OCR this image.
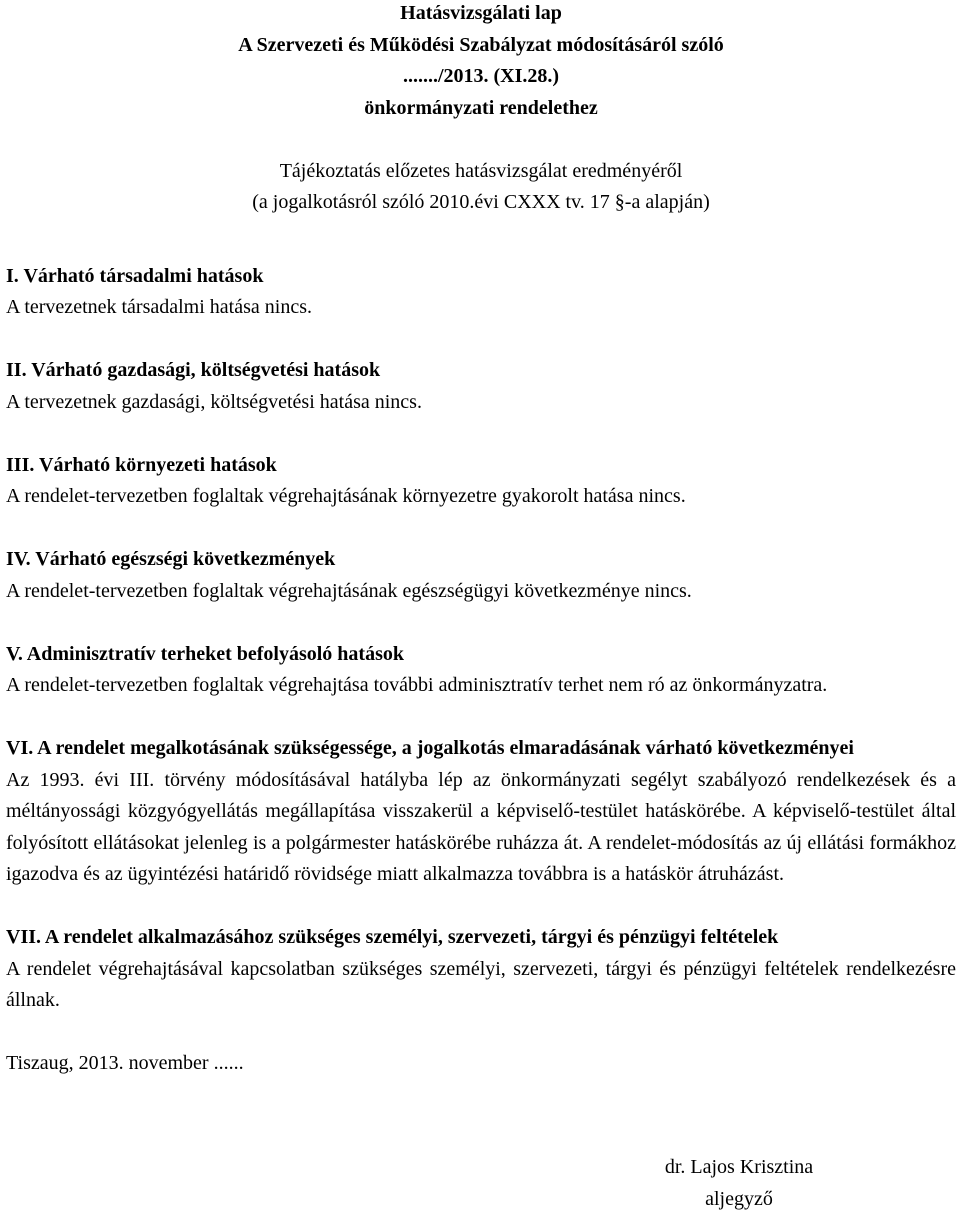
Hatásvizsgálati lap
A Szervezeti és Működési Szabályzat módosításáról szóló
......./2013. (XI.28.)
önkormányzati rendelethez
Tájékoztatás előzetes hatásvizsgálat eredményéről
(a jogalkotásról szóló 2010.évi CXXX tv. 17 §-a alapján)
I. Várható társadalmi hatások
A tervezetnek társadalmi hatása nincs.
II. Várható gazdasági, költségvetési hatások
A tervezetnek gazdasági, költségvetési hatása nincs.
III. Várható környezeti hatások
A rendelet-tervezetben foglaltak végrehajtásának környezetre gyakorolt hatása nincs.
IV. Várható egészségi következmények
A rendelet-tervezetben foglaltak végrehajtásának egészségügyi következménye nincs.
V. Adminisztratív terheket befolyásoló hatások
A rendelet-tervezetben foglaltak végrehajtása további adminisztratív terhet nem ró az önkormányzatra.
VI. A rendelet megalkotásának szükségessége, a jogalkotás elmaradásának várható következményei
Az 1993. évi III. törvény módosításával hatályba lép az önkormányzati segélyt szabályozó rendelkezések és a méltányossági közgyógyellátás megállapítása visszakerül a képviselő-testület hatáskörébe. A képviselő-testület által folyósított ellátásokat jelenleg is a polgármester hatáskörébe ruházza át. A rendelet-módosítás az új ellátási formákhoz igazodva és az ügyintézési határidő rövidsége miatt alkalmazza továbbra is a hatáskör átruházást.
VII. A rendelet alkalmazásához szükséges személyi, szervezeti, tárgyi és pénzügyi feltételek
A rendelet végrehajtásával kapcsolatban szükséges személyi, szervezeti, tárgyi és pénzügyi feltételek rendelkezésre állnak.
Tiszaug, 2013. november ......
dr. Lajos Krisztina
aljegyző
